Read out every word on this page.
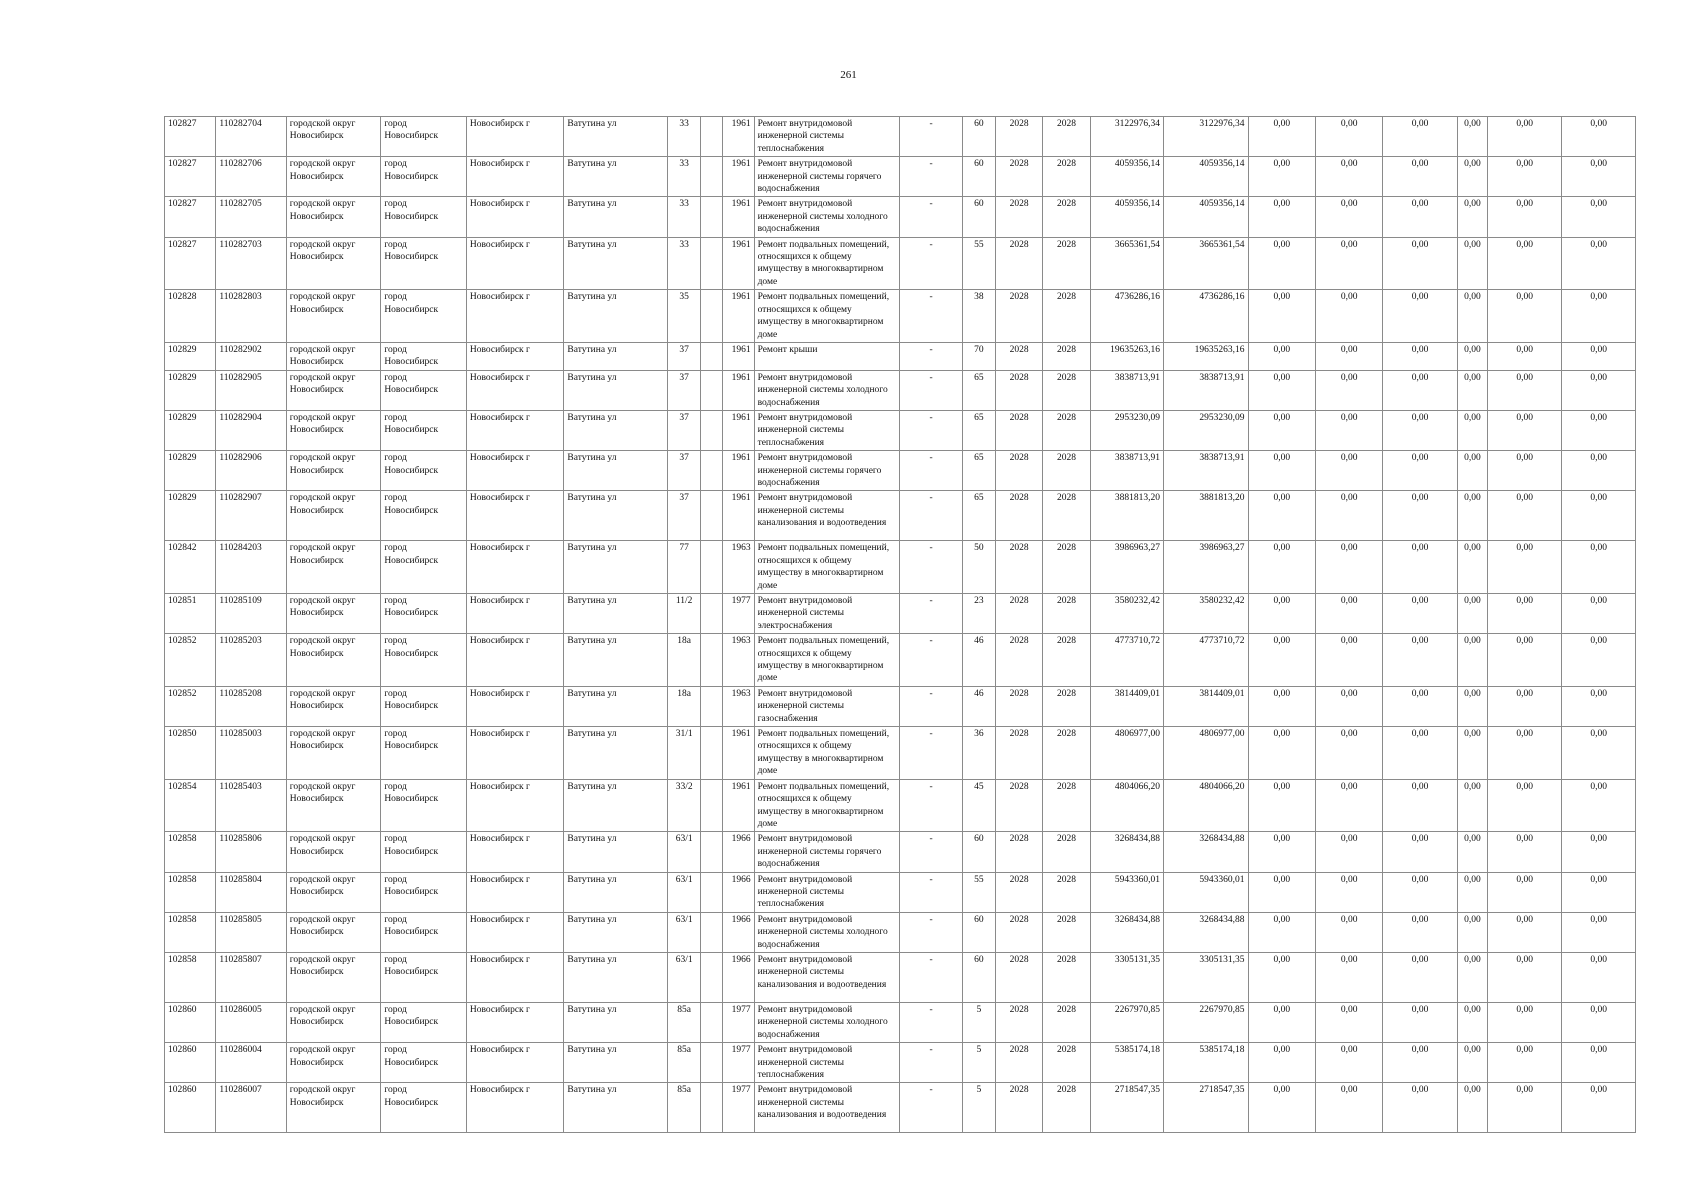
261
102827	110282704	городской округ
Новосибирск	город
Новосибирск	Новосибирск г	Ватутина ул	33		1961	Ремонт внутридомовой
инженерной системы
теплоснабжения	-	60	2028	2028	3122976,34	3122976,34	0,00	0,00	0,00	0,00	0,00	0,00
102827	110282706	городской округ
Новосибирск	город
Новосибирск	Новосибирск г	Ватутина ул	33		1961	Ремонт внутридомовой
инженерной системы горячего
водоснабжения	-	60	2028	2028	4059356,14	4059356,14	0,00	0,00	0,00	0,00	0,00	0,00
102827	110282705	городской округ
Новосибирск	город
Новосибирск	Новосибирск г	Ватутина ул	33		1961	Ремонт внутридомовой
инженерной системы холодного
водоснабжения	-	60	2028	2028	4059356,14	4059356,14	0,00	0,00	0,00	0,00	0,00	0,00
102827	110282703	городской округ
Новосибирск	город
Новосибирск	Новосибирск г	Ватутина ул	33		1961	Ремонт подвальных помещений,
относящихся к общему
имуществу в многоквартирном
доме	-	55	2028	2028	3665361,54	3665361,54	0,00	0,00	0,00	0,00	0,00	0,00
102828	110282803	городской округ
Новосибирск	город
Новосибирск	Новосибирск г	Ватутина ул	35		1961	Ремонт подвальных помещений,
относящихся к общему
имуществу в многоквартирном
доме	-	38	2028	2028	4736286,16	4736286,16	0,00	0,00	0,00	0,00	0,00	0,00
102829	110282902	городской округ
Новосибирск	город
Новосибирск	Новосибирск г	Ватутина ул	37		1961	Ремонт крыши	-	70	2028	2028	19635263,16	19635263,16	0,00	0,00	0,00	0,00	0,00	0,00
102829	110282905	городской округ
Новосибирск	город
Новосибирск	Новосибирск г	Ватутина ул	37		1961	Ремонт внутридомовой
инженерной системы холодного
водоснабжения	-	65	2028	2028	3838713,91	3838713,91	0,00	0,00	0,00	0,00	0,00	0,00
102829	110282904	городской округ
Новосибирск	город
Новосибирск	Новосибирск г	Ватутина ул	37		1961	Ремонт внутридомовой
инженерной системы
теплоснабжения	-	65	2028	2028	2953230,09	2953230,09	0,00	0,00	0,00	0,00	0,00	0,00
102829	110282906	городской округ
Новосибирск	город
Новосибирск	Новосибирск г	Ватутина ул	37		1961	Ремонт внутридомовой
инженерной системы горячего
водоснабжения	-	65	2028	2028	3838713,91	3838713,91	0,00	0,00	0,00	0,00	0,00	0,00
102829	110282907	городской округ
Новосибирск	город
Новосибирск	Новосибирск г	Ватутина ул	37		1961	Ремонт внутридомовой
инженерной системы
канализования и водоотведения	-	65	2028	2028	3881813,20	3881813,20	0,00	0,00	0,00	0,00	0,00	0,00
102842	110284203	городской округ
Новосибирск	город
Новосибирск	Новосибирск г	Ватутина ул	77		1963	Ремонт подвальных помещений,
относящихся к общему
имуществу в многоквартирном
доме	-	50	2028	2028	3986963,27	3986963,27	0,00	0,00	0,00	0,00	0,00	0,00
102851	110285109	городской округ
Новосибирск	город
Новосибирск	Новосибирск г	Ватутина ул	11/2		1977	Ремонт внутридомовой
инженерной системы
электроснабжения	-	23	2028	2028	3580232,42	3580232,42	0,00	0,00	0,00	0,00	0,00	0,00
102852	110285203	городской округ
Новосибирск	город
Новосибирск	Новосибирск г	Ватутина ул	18а		1963	Ремонт подвальных помещений,
относящихся к общему
имуществу в многоквартирном
доме	-	46	2028	2028	4773710,72	4773710,72	0,00	0,00	0,00	0,00	0,00	0,00
102852	110285208	городской округ
Новосибирск	город
Новосибирск	Новосибирск г	Ватутина ул	18а		1963	Ремонт внутридомовой
инженерной системы
газоснабжения	-	46	2028	2028	3814409,01	3814409,01	0,00	0,00	0,00	0,00	0,00	0,00
102850	110285003	городской округ
Новосибирск	город
Новосибирск	Новосибирск г	Ватутина ул	31/1		1961	Ремонт подвальных помещений,
относящихся к общему
имуществу в многоквартирном
доме	-	36	2028	2028	4806977,00	4806977,00	0,00	0,00	0,00	0,00	0,00	0,00
102854	110285403	городской округ
Новосибирск	город
Новосибирск	Новосибирск г	Ватутина ул	33/2		1961	Ремонт подвальных помещений,
относящихся к общему
имуществу в многоквартирном
доме	-	45	2028	2028	4804066,20	4804066,20	0,00	0,00	0,00	0,00	0,00	0,00
102858	110285806	городской округ
Новосибирск	город
Новосибирск	Новосибирск г	Ватутина ул	63/1		1966	Ремонт внутридомовой
инженерной системы горячего
водоснабжения	-	60	2028	2028	3268434,88	3268434,88	0,00	0,00	0,00	0,00	0,00	0,00
102858	110285804	городской округ
Новосибирск	город
Новосибирск	Новосибирск г	Ватутина ул	63/1		1966	Ремонт внутридомовой
инженерной системы
теплоснабжения	-	55	2028	2028	5943360,01	5943360,01	0,00	0,00	0,00	0,00	0,00	0,00
102858	110285805	городской округ
Новосибирск	город
Новосибирск	Новосибирск г	Ватутина ул	63/1		1966	Ремонт внутридомовой
инженерной системы холодного
водоснабжения	-	60	2028	2028	3268434,88	3268434,88	0,00	0,00	0,00	0,00	0,00	0,00
102858	110285807	городской округ
Новосибирск	город
Новосибирск	Новосибирск г	Ватутина ул	63/1		1966	Ремонт внутридомовой
инженерной системы
канализования и водоотведения	-	60	2028	2028	3305131,35	3305131,35	0,00	0,00	0,00	0,00	0,00	0,00
102860	110286005	городской округ
Новосибирск	город
Новосибирск	Новосибирск г	Ватутина ул	85а		1977	Ремонт внутридомовой
инженерной системы холодного
водоснабжения	-	5	2028	2028	2267970,85	2267970,85	0,00	0,00	0,00	0,00	0,00	0,00
102860	110286004	городской округ
Новосибирск	город
Новосибирск	Новосибирск г	Ватутина ул	85а		1977	Ремонт внутридомовой
инженерной системы
теплоснабжения	-	5	2028	2028	5385174,18	5385174,18	0,00	0,00	0,00	0,00	0,00	0,00
102860	110286007	городской округ
Новосибирск	город
Новосибирск	Новосибирск г	Ватутина ул	85а		1977	Ремонт внутридомовой
инженерной системы
канализования и водоотведения	-	5	2028	2028	2718547,35	2718547,35	0,00	0,00	0,00	0,00	0,00	0,00
